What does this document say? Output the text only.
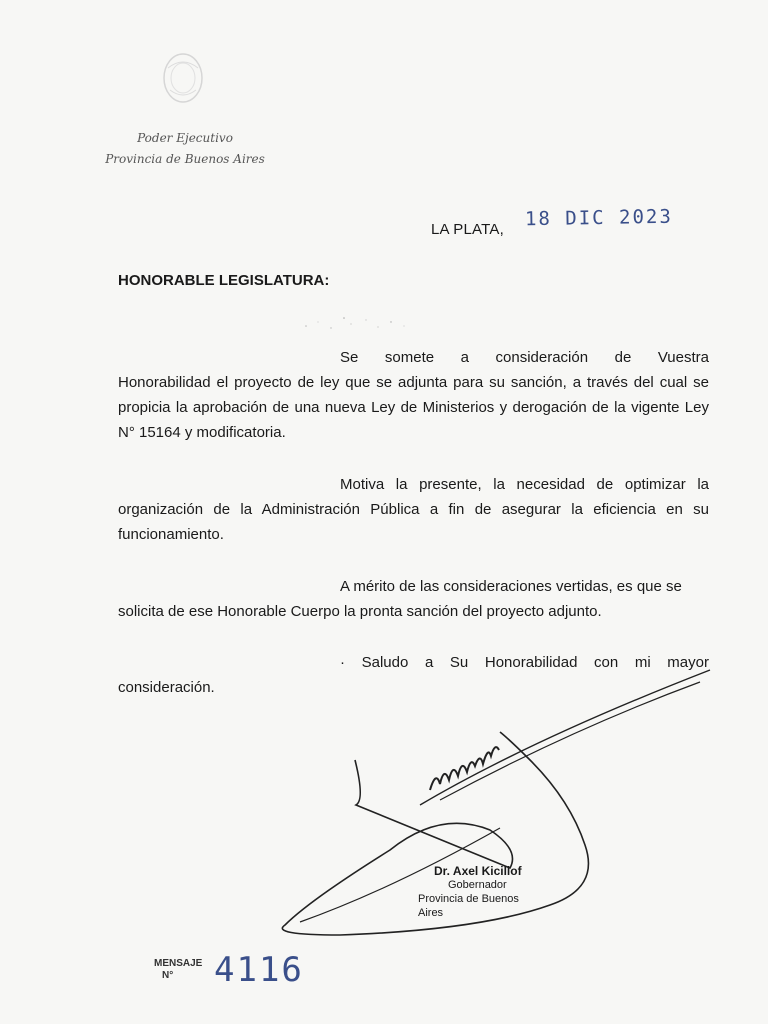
Poder Ejecutivo
Provincia de Buenos Aires
LA PLATA, 18 DIC 2023
HONORABLE LEGISLATURA:
Se somete a consideración de Vuestra
Honorabilidad el proyecto de ley que se adjunta para su sanción, a través del cual se propicia la aprobación de una nueva Ley de Ministerios y derogación de la vigente Ley N° 15164 y modificatoria.
Motiva la presente, la necesidad de optimizar la
organización de la Administración Pública a fin de asegurar la eficiencia en su funcionamiento.
A mérito de las consideraciones vertidas, es que se
solicita de ese Honorable Cuerpo la pronta sanción del proyecto adjunto.
· Saludo a Su Honorabilidad con mi mayor
consideración.
Dr. Axel Kicillof
Gobernador
Provincia de Buenos Aires
MENSAJE
N°	4116
